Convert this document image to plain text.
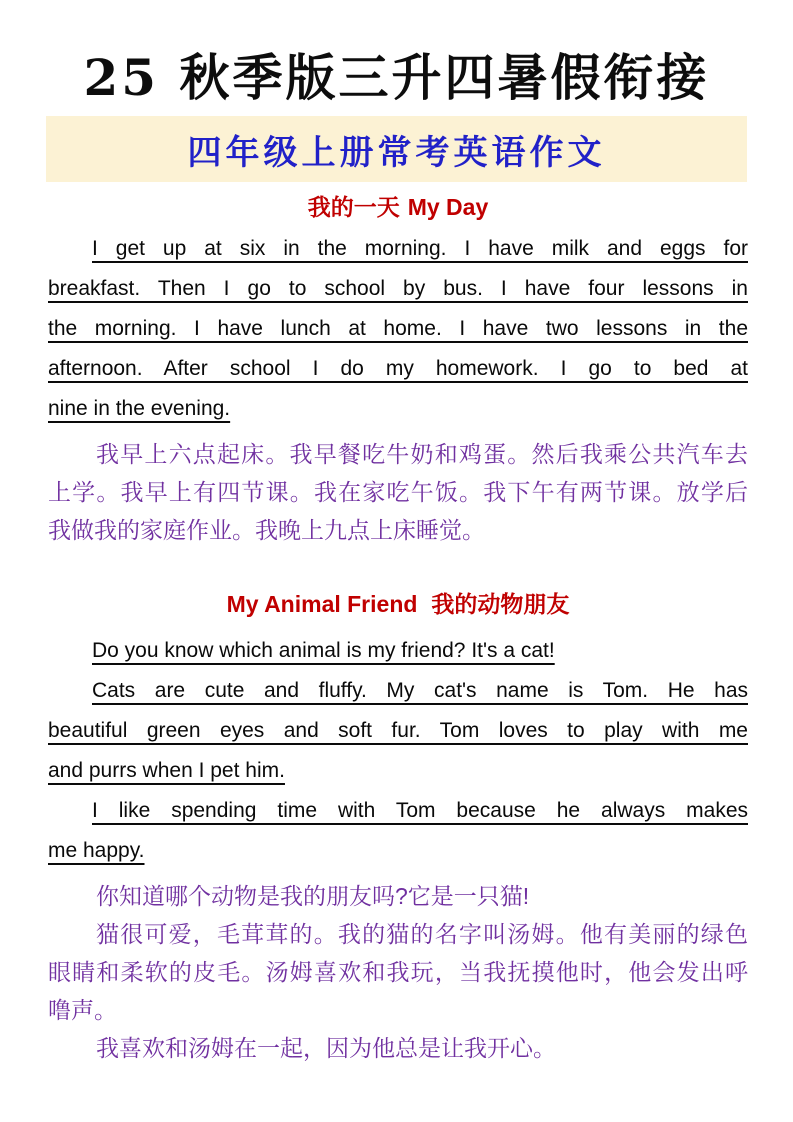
25 秋季版三升四暑假衔接
四年级上册常考英语作文
我的一天 My Day
I get up at six in the morning. I have milk and eggs for
breakfast. Then I go to school by bus. I have four lessons in
the morning. I have lunch at home. I have two lessons in the
afternoon. After school I do my homework. I go to bed at
nine in the evening.
我早上六点起床。我早餐吃牛奶和鸡蛋。然后我乘公共汽车去
上学。我早上有四节课。我在家吃午饭。我下午有两节课。放学后
我做我的家庭作业。我晚上九点上床睡觉。
My Animal Friend 我的动物朋友
Do you know which animal is my friend? It's a cat!
Cats are cute and fluffy. My cat's name is Tom. He has
beautiful green eyes and soft fur. Tom loves to play with me
and purrs when I pet him.
I like spending time with Tom because he always makes
me happy.
你知道哪个动物是我的朋友吗?它是一只猫!
猫很可爱，毛茸茸的。我的猫的名字叫汤姆。他有美丽的绿色
眼睛和柔软的皮毛。汤姆喜欢和我玩，当我抚摸他时，他会发出呼
噜声。
我喜欢和汤姆在一起，因为他总是让我开心。
